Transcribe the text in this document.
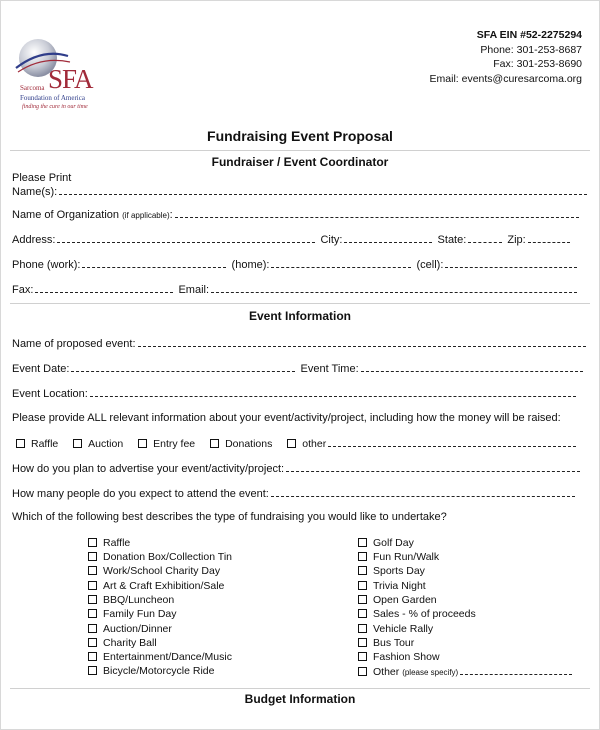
SFA
Sarcoma
Foundation of America
finding the cure in our time
SFA EIN #52-2275294
Phone: 301-253-8687
Fax: 301-253-8690
Email: events@curesarcoma.org
Fundraising Event Proposal
Fundraiser / Event Coordinator
Please Print
Name(s):
Name of Organization (if applicable):
Address:	City:	State:	Zip:
Phone (work):	(home):	(cell):
Fax:	Email:
Event Information
Name of proposed event:
Event Date:	Event Time:
Event Location:
Please provide ALL relevant information about your event/activity/project, including how the money will be raised:
Raffle	Auction	Entry fee	Donations	other
How do you plan to advertise your event/activity/project:
How many people do you expect to attend the event:
Which of the following best describes the type of fundraising you would like to undertake?
Raffle
Donation Box/Collection Tin
Work/School Charity Day
Art & Craft Exhibition/Sale
BBQ/Luncheon
Family Fun Day
Auction/Dinner
Charity Ball
Entertainment/Dance/Music
Bicycle/Motorcycle Ride
Golf Day
Fun Run/Walk
Sports Day
Trivia Night
Open Garden
Sales - % of proceeds
Vehicle Rally
Bus Tour
Fashion Show
Other (please specify)
Budget Information
